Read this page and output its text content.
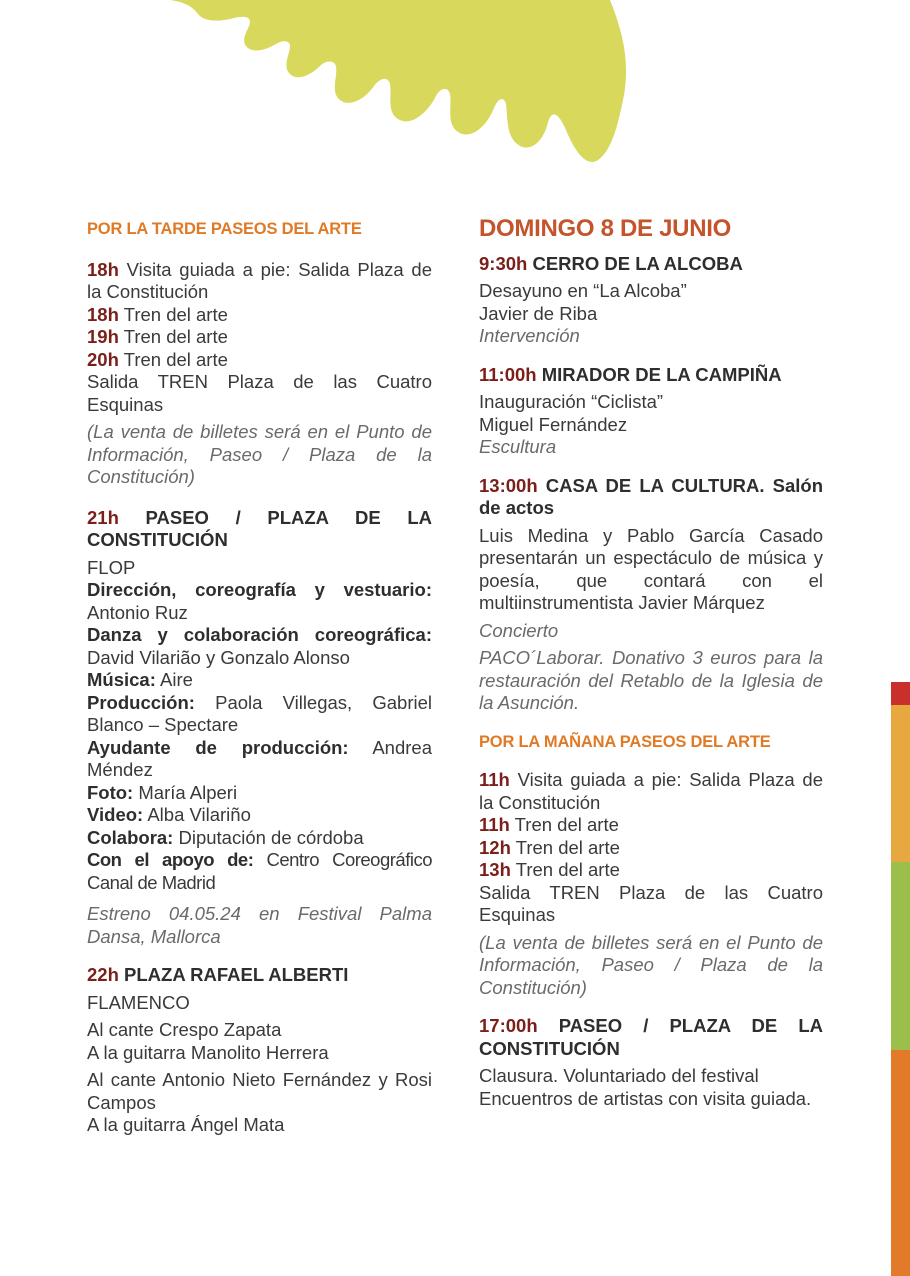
POR LA TARDE PASEOS DEL ARTE

18h Visita guiada a pie: Salida Plaza de la Constitución

18h Tren del arte

19h Tren del arte

20h Tren del arte

Salida TREN Plaza de las Cuatro Esquinas

(La venta de billetes será en el Punto de Información, Paseo / Plaza de la Constitución)

21h PASEO / PLAZA DE LA CONSTITUCIÓN

FLOP

Dirección, coreografía y vestuario: Antonio Ruz

Danza y colaboración coreográfica: David Vilarião y Gonzalo Alonso

Música: Aire

Producción: Paola Villegas, Gabriel Blanco – Spectare

Ayudante de producción: Andrea Méndez

Foto: María Alperi

Video: Alba Vilariño

Colabora: Diputación de córdoba

Con el apoyo de: Centro Coreográfico Canal de Madrid

Estreno 04.05.24 en Festival Palma Dansa, Mallorca

22h PLAZA RAFAEL ALBERTI

FLAMENCO

Al cante Crespo Zapata

A la guitarra Manolito Herrera

Al cante Antonio Nieto Fernández y Rosi Campos

A la guitarra Ángel Mata

DOMINGO 8 DE JUNIO

9:30h CERRO DE LA ALCOBA

Desayuno en “La Alcoba”

Javier de Riba

Intervención

11:00h MIRADOR DE LA CAMPIÑA

Inauguración “Ciclista”

Miguel Fernández

Escultura

13:00h CASA DE LA CULTURA. Salón de actos

Luis Medina y Pablo García Casado presentarán un espectáculo de música y poesía, que contará con el multiinstrumentista Javier Márquez

Concierto

PACO´Laborar. Donativo 3 euros para la restauración del Retablo de la Iglesia de la Asunción.

POR LA MAÑANA PASEOS DEL ARTE

11h Visita guiada a pie: Salida Plaza de la Constitución

11h Tren del arte

12h Tren del arte

13h Tren del arte

Salida TREN Plaza de las Cuatro Esquinas

(La venta de billetes será en el Punto de Información, Paseo / Plaza de la Constitución)

17:00h PASEO / PLAZA DE LA CONSTITUCIÓN

Clausura. Voluntariado del festival

Encuentros de artistas con visita guiada.
